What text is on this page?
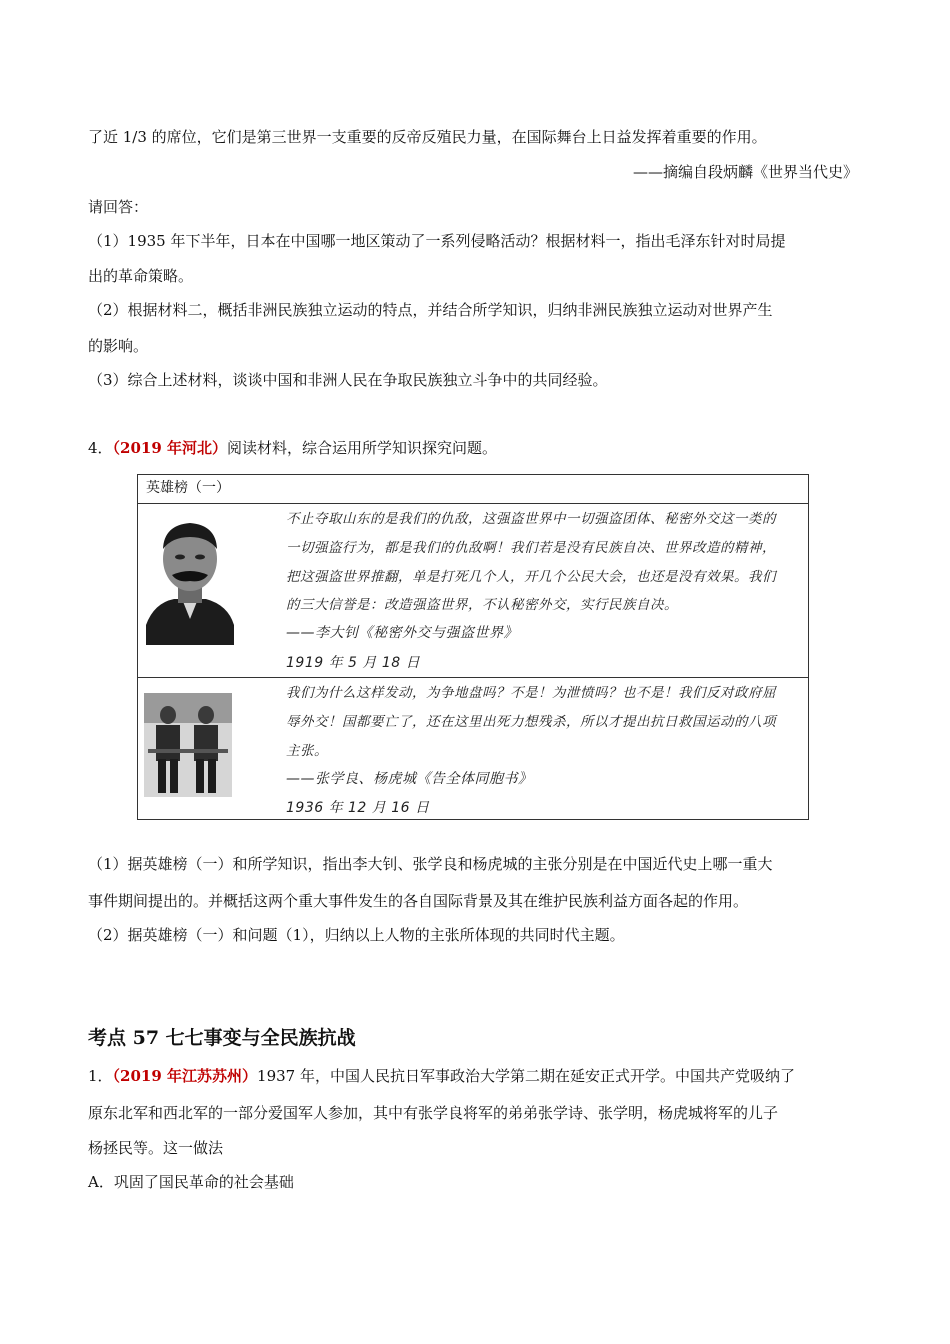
了近 1/3 的席位，它们是第三世界一支重要的反帝反殖民力量，在国际舞台上日益发挥着重要的作用。
——摘编自段炳麟《世界当代史》
请回答：
（1）1935 年下半年，日本在中国哪一地区策动了一系列侵略活动？根据材料一，指出毛泽东针对时局提
出的革命策略。
（2）根据材料二，概括非洲民族独立运动的特点，并结合所学知识，归纳非洲民族独立运动对世界产生
的影响。
（3）综合上述材料，谈谈中国和非洲人民在争取民族独立斗争中的共同经验。
4．（2019 年河北）阅读材料，综合运用所学知识探究问题。
英雄榜（一）
不止夺取山东的是我们的仇敌，这强盗世界中一切强盗团体、秘密外交这一类的
一切强盗行为，都是我们的仇敌啊！我们若是没有民族自决、世界改造的精神，
把这强盗世界推翻，单是打死几个人，开几个公民大会，也还是没有效果。我们
的三大信誉是：改造强盗世界，不认秘密外交，实行民族自决。
——李大钊《秘密外交与强盗世界》
1919 年 5 月 18 日
我们为什么这样发动，为争地盘吗？不是！为泄愤吗？也不是！我们反对政府屈
辱外交！国都要亡了，还在这里出死力想残杀，所以才提出抗日救国运动的八项
主张。
——张学良、杨虎城《告全体同胞书》
1936 年 12 月 16 日
（1）据英雄榜（一）和所学知识，指出李大钊、张学良和杨虎城的主张分别是在中国近代史上哪一重大
事件期间提出的。并概括这两个重大事件发生的各自国际背景及其在维护民族利益方面各起的作用。
（2）据英雄榜（一）和问题（1），归纳以上人物的主张所体现的共同时代主题。
考点 57 七七事变与全民族抗战
1．（2019 年江苏苏州）1937 年，中国人民抗日军事政治大学第二期在延安正式开学。中国共产党吸纳了
原东北军和西北军的一部分爱国军人参加，其中有张学良将军的弟弟张学诗、张学明，杨虎城将军的儿子
杨拯民等。这一做法
A．巩固了国民革命的社会基础
